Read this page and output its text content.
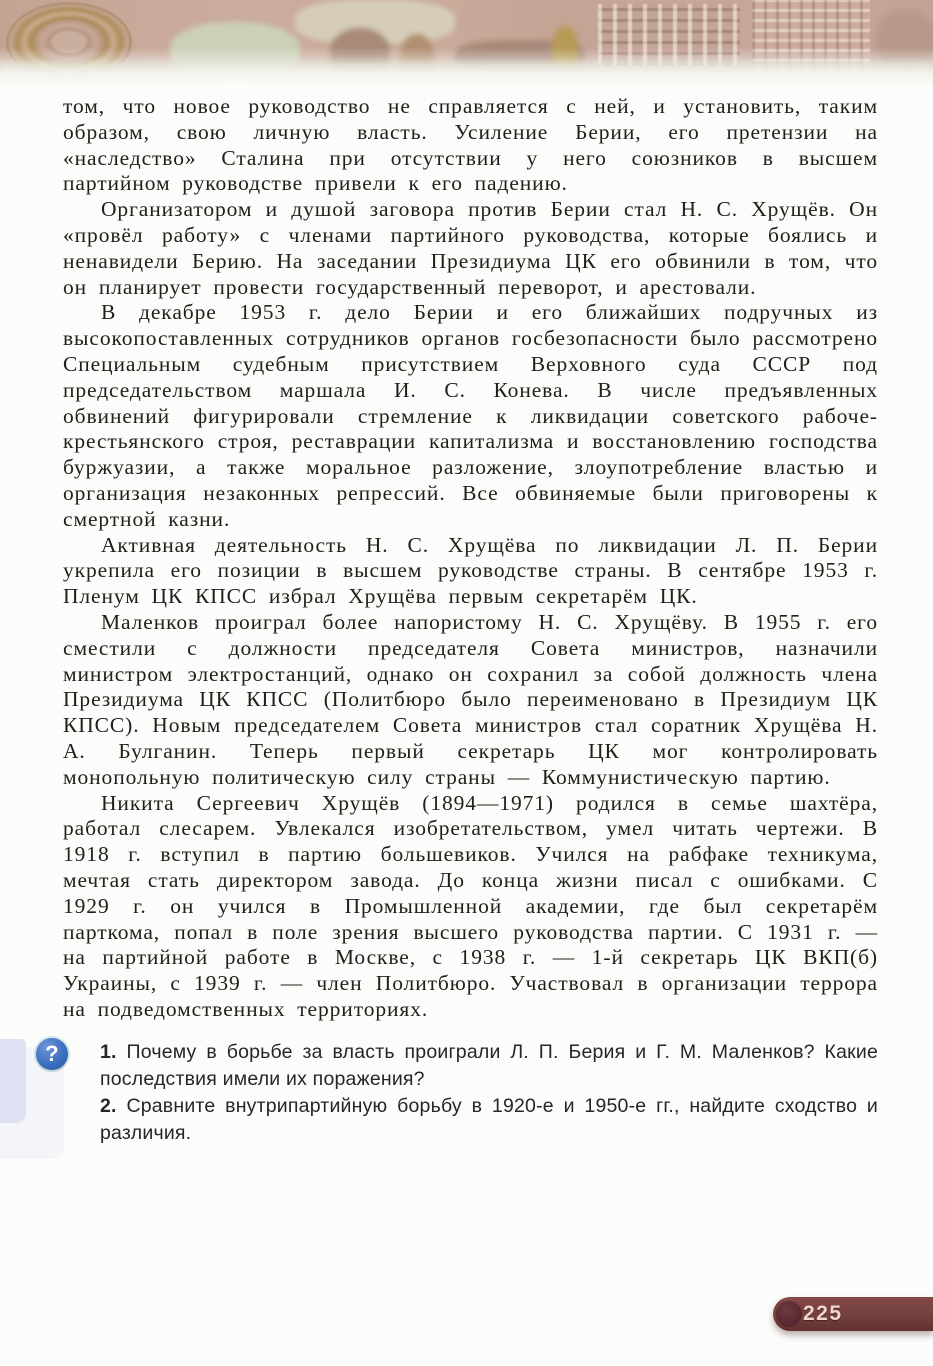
том, что новое руководство не справляется с ней, и установить, таким образом, свою личную власть. Усиление Берии, его претензии на «наследство» Сталина при отсутствии у него союзников в высшем партийном руководстве привели к его падению.

Организатором и душой заговора против Берии стал Н. С. Хрущёв. Он «провёл работу» с членами партийного руководства, которые боялись и ненавидели Берию. На заседании Президиума ЦК его обвинили в том, что он планирует провести государственный переворот, и арестовали.

В декабре 1953 г. дело Берии и его ближайших подручных из высокопоставленных сотрудников органов госбезопасности было рассмотрено Специальным судебным присутствием Верховного суда СССР под председательством маршала И. С. Конева. В числе предъявленных обвинений фигурировали стремление к ликвидации советского рабоче-крестьянского строя, реставрации капитализма и восстановлению господства буржуазии, а также моральное разложение, злоупотребление властью и организация незаконных репрессий. Все обвиняемые были приговорены к смертной казни.

Активная деятельность Н. С. Хрущёва по ликвидации Л. П. Берии укрепила его позиции в высшем руководстве страны. В сентябре 1953 г. Пленум ЦК КПСС избрал Хрущёва первым секретарём ЦК.

Маленков проиграл более напористому Н. С. Хрущёву. В 1955 г. его сместили с должности председателя Совета министров, назначили министром электростанций, однако он сохранил за собой должность члена Президиума ЦК КПСС (Политбюро было переименовано в Президиум ЦК КПСС). Новым председателем Совета министров стал соратник Хрущёва Н. А. Булганин. Теперь первый секретарь ЦК мог контролировать монопольную политическую силу страны — Коммунистическую партию.

Никита Сергеевич Хрущёв (1894—1971) родился в семье шахтёра, работал слесарем. Увлекался изобретательством, умел читать чертежи. В 1918 г. вступил в партию большевиков. Учился на рабфаке техникума, мечтая стать директором завода. До конца жизни писал с ошибками. С 1929 г. он учился в Промышленной академии, где был секретарём парткома, попал в поле зрения высшего руководства партии. С 1931 г. — на партийной работе в Москве, с 1938 г. — 1-й секретарь ЦК ВКП(б) Украины, с 1939 г. — член Политбюро. Участвовал в организации террора на подведомственных территориях.

?	1. Почему в борьбе за власть проиграли Л. П. Берия и Г. М. Маленков? Какие последствия имели их поражения?

2. Сравните внутрипартийную борьбу в 1920-е и 1950-е гг., найдите сходство и различия.

225
